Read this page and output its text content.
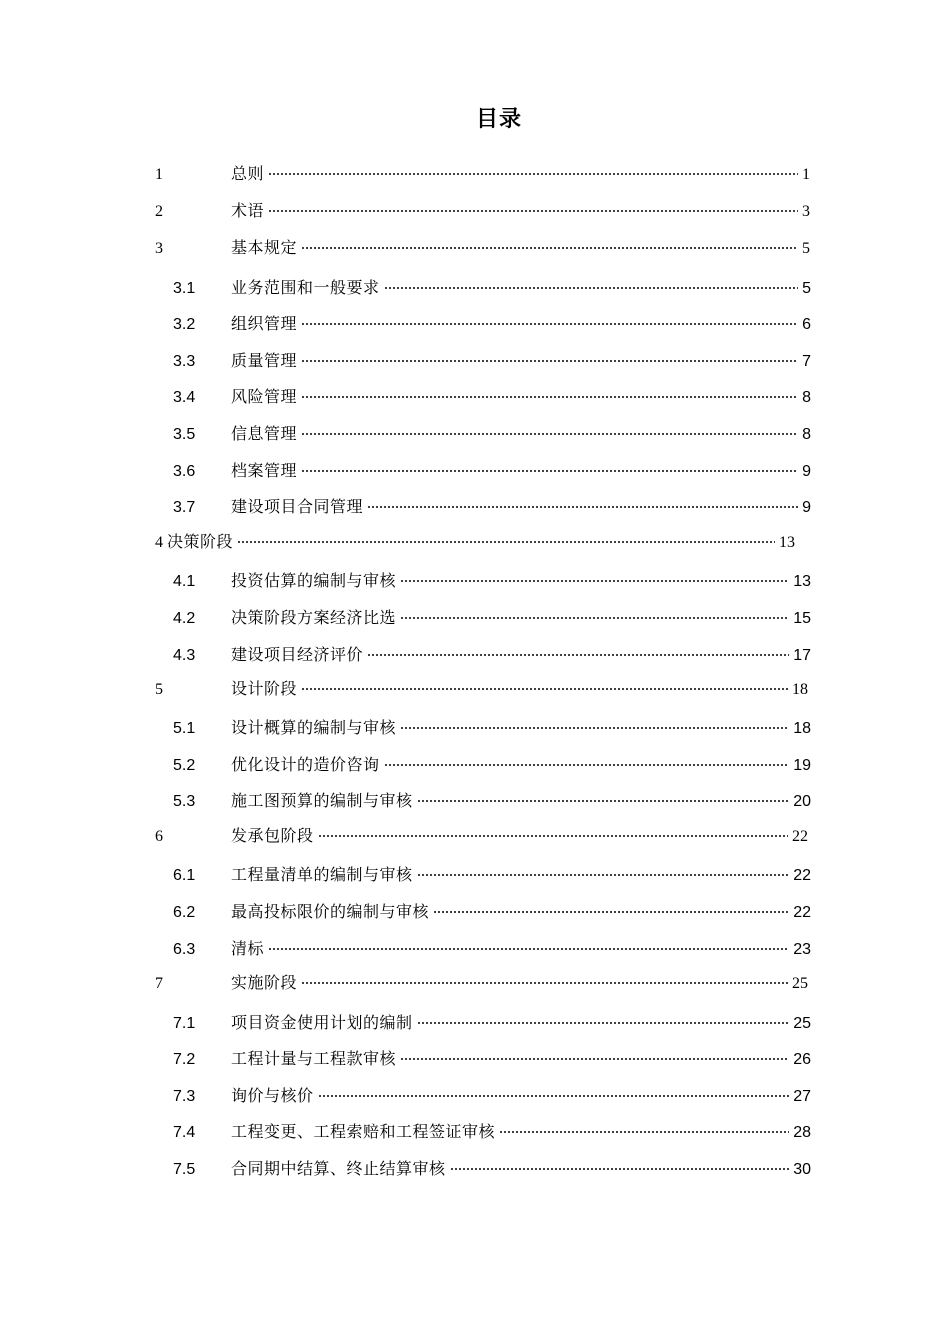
目录
1	总则	1
2	术语	3
3	基本规定	5
3.1	业务范围和一般要求	5
3.2	组织管理	6
3.3	质量管理	7
3.4	风险管理	8
3.5	信息管理	8
3.6	档案管理	9
3.7	建设项目合同管理	9
4 决策阶段	13
4.1	投资估算的编制与审核	13
4.2	决策阶段方案经济比选	15
4.3	建设项目经济评价	17
5	设计阶段	18
5.1	设计概算的编制与审核	18
5.2	优化设计的造价咨询	19
5.3	施工图预算的编制与审核	20
6	发承包阶段	22
6.1	工程量清单的编制与审核	22
6.2	最高投标限价的编制与审核	22
6.3	清标	23
7	实施阶段	25
7.1	项目资金使用计划的编制	25
7.2	工程计量与工程款审核	26
7.3	询价与核价	27
7.4	工程变更、工程索赔和工程签证审核	28
7.5	合同期中结算、终止结算审核	30
